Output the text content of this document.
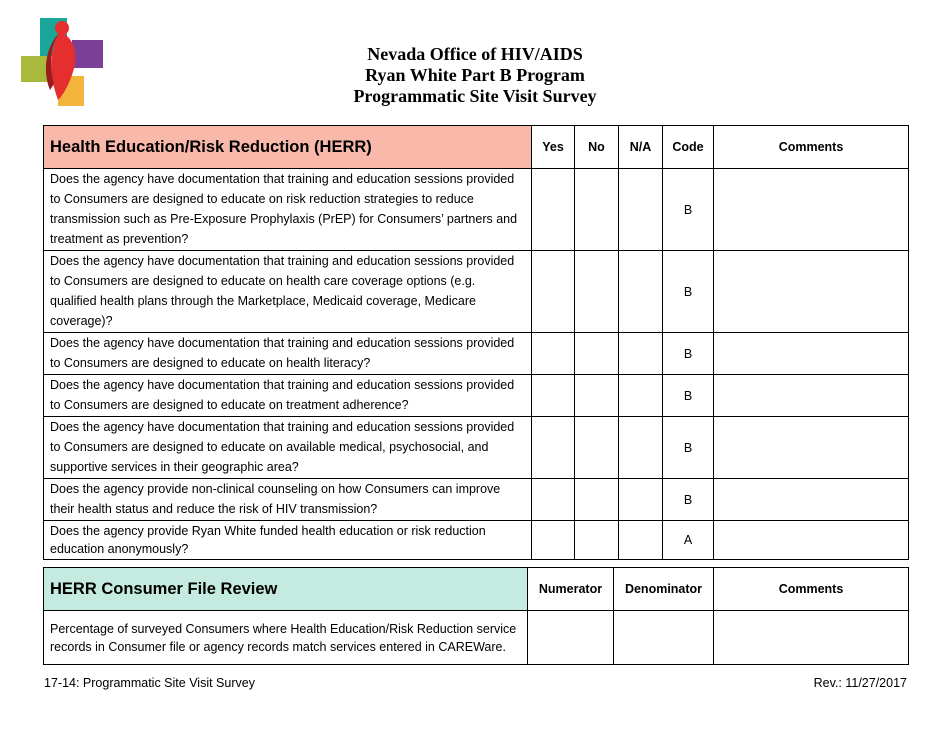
Nevada Office of HIV/AIDS
Ryan White Part B Program
Programmatic Site Visit Survey
Health Education/Risk Reduction (HERR)	Yes	No	N/A	Code	Comments
Does the agency have documentation that training and education sessions provided to Consumers are designed to educate on risk reduction strategies to reduce transmission such as Pre-Exposure Prophylaxis (PrEP) for Consumers’ partners and treatment as prevention?				B	
Does the agency have documentation that training and education sessions provided to Consumers are designed to educate on health care coverage options (e.g. qualified health plans through the Marketplace, Medicaid coverage, Medicare coverage)?				B	
Does the agency have documentation that training and education sessions provided to Consumers are designed to educate on health literacy?				B	
Does the agency have documentation that training and education sessions provided to Consumers are designed to educate on treatment adherence?				B	
Does the agency have documentation that training and education sessions provided to Consumers are designed to educate on available medical, psychosocial, and supportive services in their geographic area?				B	
Does the agency provide non-clinical counseling on how Consumers can improve their health status and reduce the risk of HIV transmission?				B	
Does the agency provide Ryan White funded health education or risk reduction education anonymously?				A	
HERR Consumer File Review	Numerator	Denominator	Comments
Percentage of surveyed Consumers where Health Education/Risk Reduction service records in Consumer file or agency records match services entered in CAREWare.			
17-14: Programmatic Site Visit Survey	Rev.: 11/27/2017
